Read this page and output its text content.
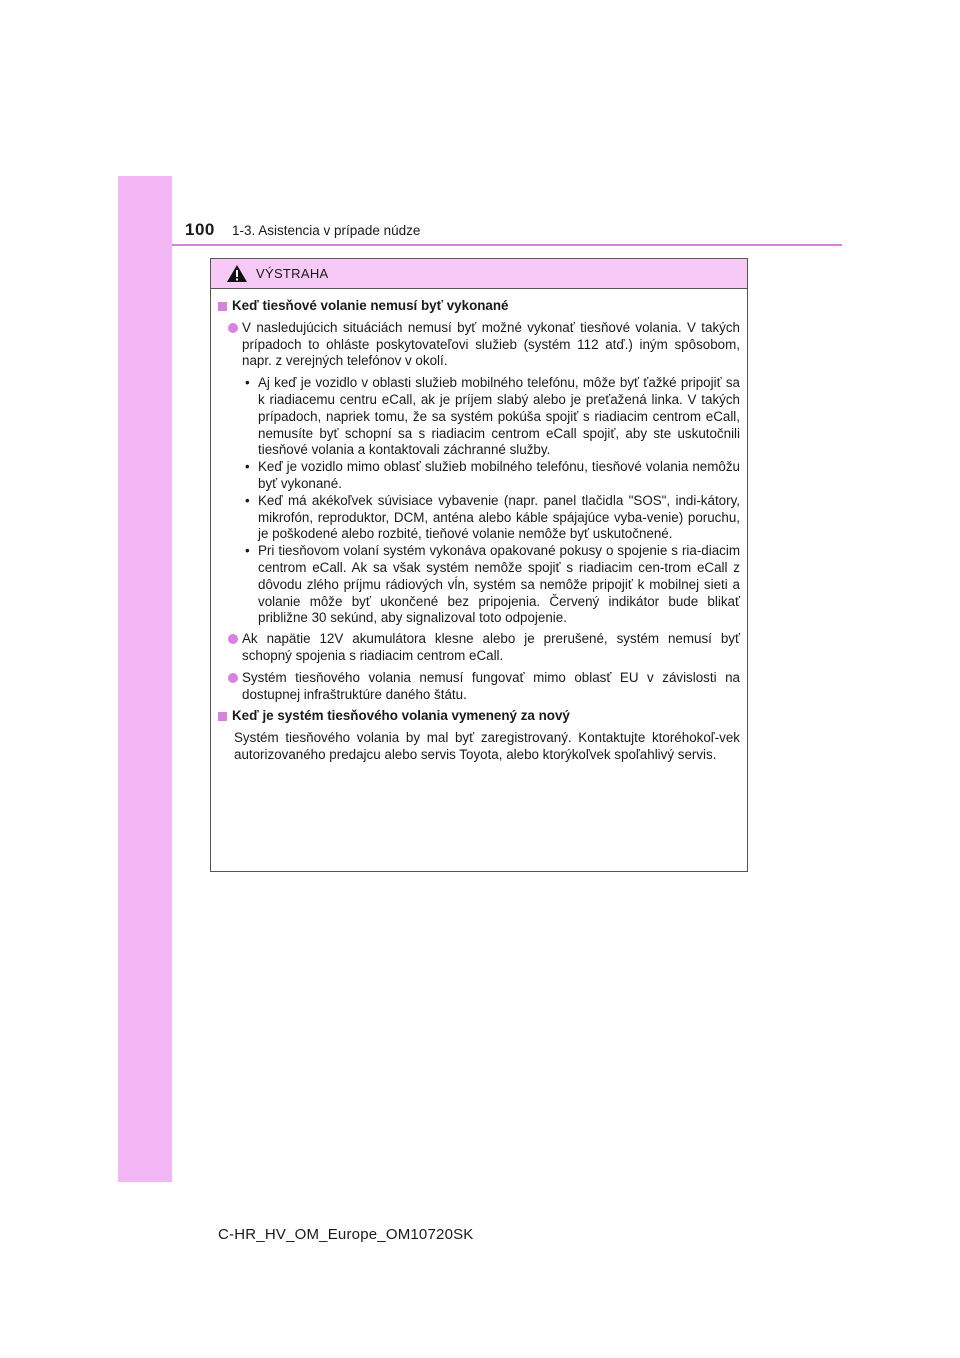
100 1-3. Asistencia v prípade núdze
VÝSTRAHA
Keď tiesňové volanie nemusí byť vykonané
V nasledujúcich situáciách nemusí byť možné vykonať tiesňové volania. V takých prípadoch to ohláste poskytovateľovi služieb (systém 112 atď.) iným spôsobom, napr. z verejných telefónov v okolí.
• Aj keď je vozidlo v oblasti služieb mobilného telefónu, môže byť ťažké pripojiť sa k riadiacemu centru eCall, ak je príjem slabý alebo je preťažená linka. V takých prípadoch, napriek tomu, že sa systém pokúša spojiť s riadiacim centrom eCall, nemusíte byť schopní sa s riadiacim centrom eCall spojiť, aby ste uskutočnili tiesňové volania a kontaktovali záchranné služby.
• Keď je vozidlo mimo oblasť služieb mobilného telefónu, tiesňové volania nemôžu byť vykonané.
• Keď má akékoľvek súvisiace vybavenie (napr. panel tlačidla "SOS", indi-kátory, mikrofón, reproduktor, DCM, anténa alebo káble spájajúce vyba-venie) poruchu, je poškodené alebo rozbité, tieňové volanie nemôže byť uskutočnené.
• Pri tiesňovom volaní systém vykonáva opakované pokusy o spojenie s ria-diacim centrom eCall. Ak sa však systém nemôže spojiť s riadiacim cen-trom eCall z dôvodu zlého príjmu rádiových vĺn, systém sa nemôže pripojiť k mobilnej sieti a volanie môže byť ukončené bez pripojenia. Červený indikátor bude blikať približne 30 sekúnd, aby signalizoval toto odpojenie.
Ak napätie 12V akumulátora klesne alebo je prerušené, systém nemusí byť schopný spojenia s riadiacim centrom eCall.
Systém tiesňového volania nemusí fungovať mimo oblasť EU v závislosti na dostupnej infraštruktúre daného štátu.
Keď je systém tiesňového volania vymenený za nový
Systém tiesňového volania by mal byť zaregistrovaný. Kontaktujte ktoréhokoľ-vek autorizovaného predajcu alebo servis Toyota, alebo ktorýkoľvek spoľahlivý servis.
C-HR_HV_OM_Europe_OM10720SK
